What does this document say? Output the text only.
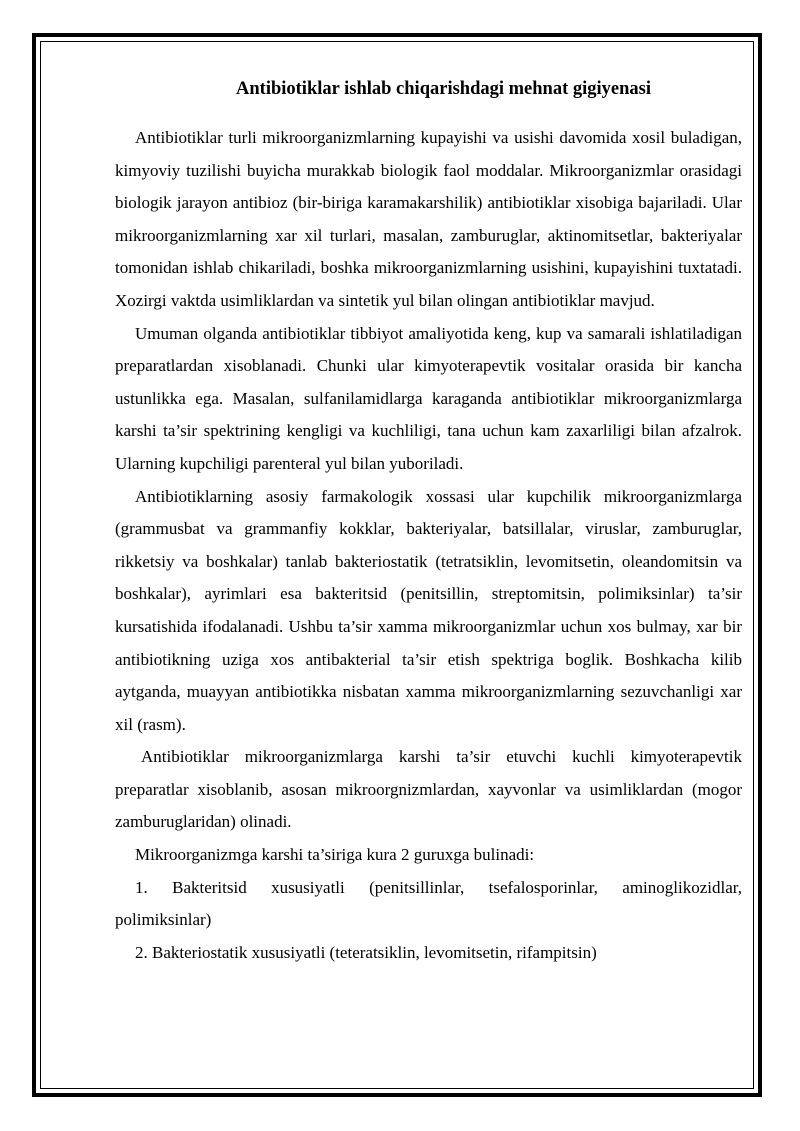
Antibiotiklar ishlab chiqarishdagi mehnat gigiyenasi

Antibiotiklar turli mikroorganizmlarning kupayishi va usishi davomida xosil buladigan, kimyoviy tuzilishi buyicha murakkab biologik faol moddalar. Mikroorganizmlar orasidagi biologik jarayon antibioz (bir-biriga karamakarshilik) antibiotiklar xisobiga bajariladi. Ular mikroorganizmlarning xar xil turlari, masalan, zamburuglar, aktinomitsetlar, bakteriyalar tomonidan ishlab chikariladi, boshka mikroorganizmlarning usishini, kupayishini tuxtatadi. Xozirgi vaktda usimliklardan va sintetik yul bilan olingan antibiotiklar mavjud.

Umuman olganda antibiotiklar tibbiyot amaliyotida keng, kup va samarali ishlatiladigan preparatlardan xisoblanadi. Chunki ular kimyoterapevtik vositalar orasida bir kancha ustunlikka ega. Masalan, sulfanilamidlarga karaganda antibiotiklar mikroorganizmlarga karshi ta’sir spektrining kengligi va kuchliligi, tana uchun kam zaxarliligi bilan afzalrok. Ularning kupchiligi parenteral yul bilan yuboriladi.

Antibiotiklarning asosiy farmakologik xossasi ular kupchilik mikroorganizmlarga (grammusbat va grammanfiy kokklar, bakteriyalar, batsillalar, viruslar, zamburuglar, rikketsiy va boshkalar) tanlab bakteriostatik (tetratsiklin, levomitsetin, oleandomitsin va boshkalar), ayrimlari esa bakteritsid (penitsillin, streptomitsin, polimiksinlar) ta’sir kursatishida ifodalanadi. Ushbu ta’sir xamma mikroorganizmlar uchun xos bulmay, xar bir antibiotikning uziga xos antibakterial ta’sir etish spektriga boglik. Boshkacha kilib aytganda, muayyan antibiotikka nisbatan xamma mikroorganizmlarning sezuvchanligi xar xil (rasm).

Antibiotiklar mikroorganizmlarga karshi ta’sir etuvchi kuchli kimyoterapevtik preparatlar xisoblanib, asosan mikroorgnizmlardan, xayvonlar va usimliklardan (mogor zamburuglaridan) olinadi.

Mikroorganizmga karshi ta’siriga kura 2 guruxga bulinadi:

1. Bakteritsid xususiyatli (penitsillinlar, tsefalosporinlar, aminoglikozidlar, polimiksinlar)

2. Bakteriostatik xususiyatli (teteratsiklin, levomitsetin, rifampitsin)
